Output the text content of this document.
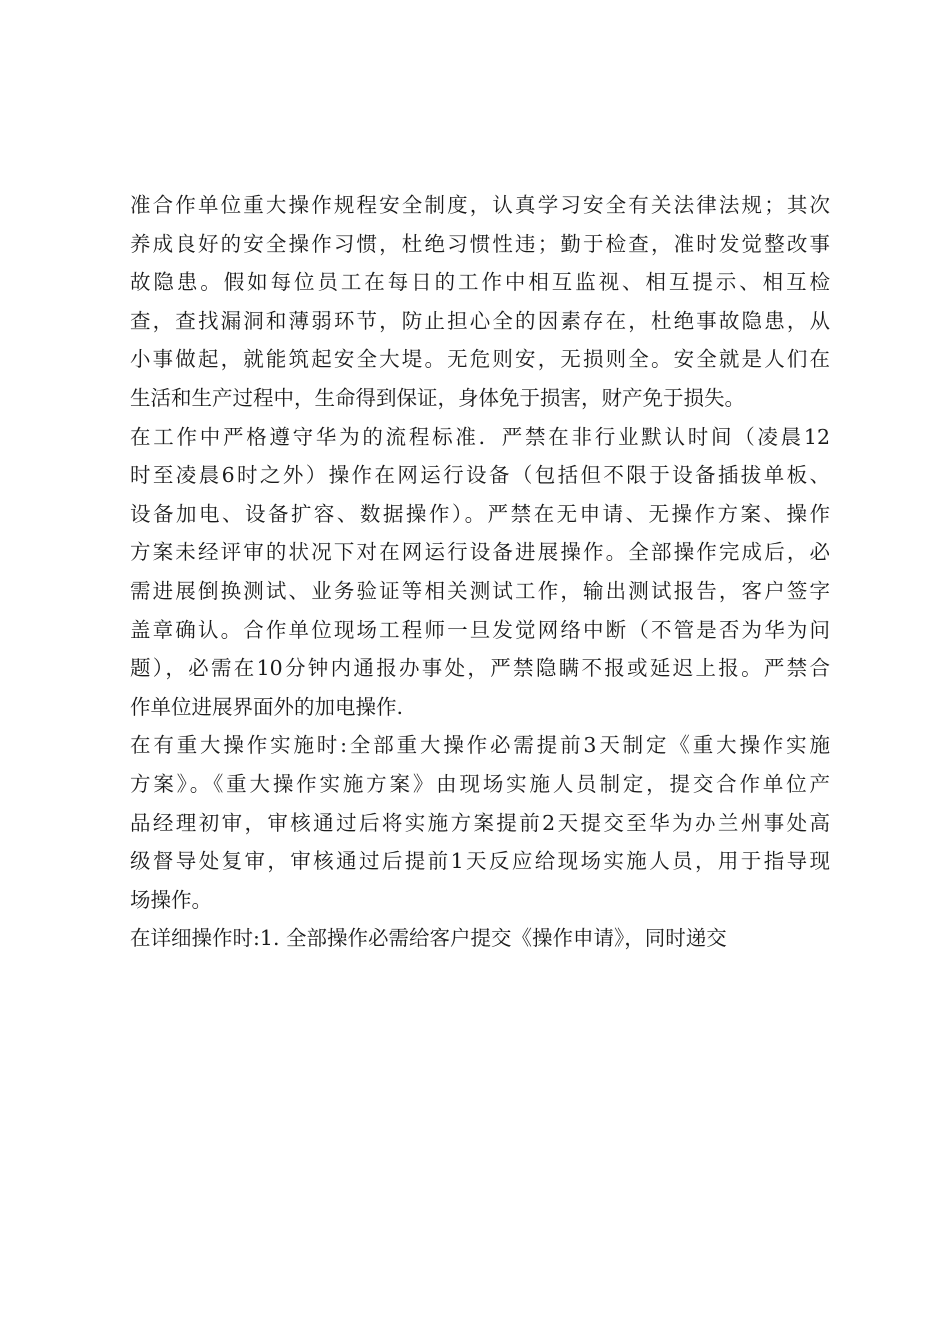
准合作单位重大操作规程安全制度，认真学习安全有关法律法规；其次
养成良好的安全操作习惯，杜绝习惯性违；勤于检查，准时发觉整改事
故隐患。假如每位员工在每日的工作中相互监视、相互提示、相互检
查，查找漏洞和薄弱环节，防止担心全的因素存在，杜绝事故隐患，从
小事做起，就能筑起安全大堤。无危则安，无损则全。安全就是人们在
生活和生产过程中，生命得到保证，身体免于损害，财产免于损失。
在工作中严格遵守华为的流程标准．严禁在非行业默认时间（凌晨12
时至凌晨6时之外）操作在网运行设备（包括但不限于设备插拔单板、
设备加电、设备扩容、数据操作）。严禁在无申请、无操作方案、操作
方案未经评审的状况下对在网运行设备进展操作。全部操作完成后，必
需进展倒换测试、业务验证等相关测试工作，输出测试报告，客户签字
盖章确认。合作单位现场工程师一旦发觉网络中断（不管是否为华为问
题），必需在10分钟内通报办事处，严禁隐瞒不报或延迟上报。严禁合
作单位进展界面外的加电操作.
在有重大操作实施时:全部重大操作必需提前3天制定《重大操作实施
方案》。《重大操作实施方案》由现场实施人员制定，提交合作单位产
品经理初审，审核通过后将实施方案提前2天提交至华为办兰州事处高
级督导处复审，审核通过后提前1天反应给现场实施人员，用于指导现
场操作。
在详细操作时:1. 全部操作必需给客户提交《操作申请》，同时递交
